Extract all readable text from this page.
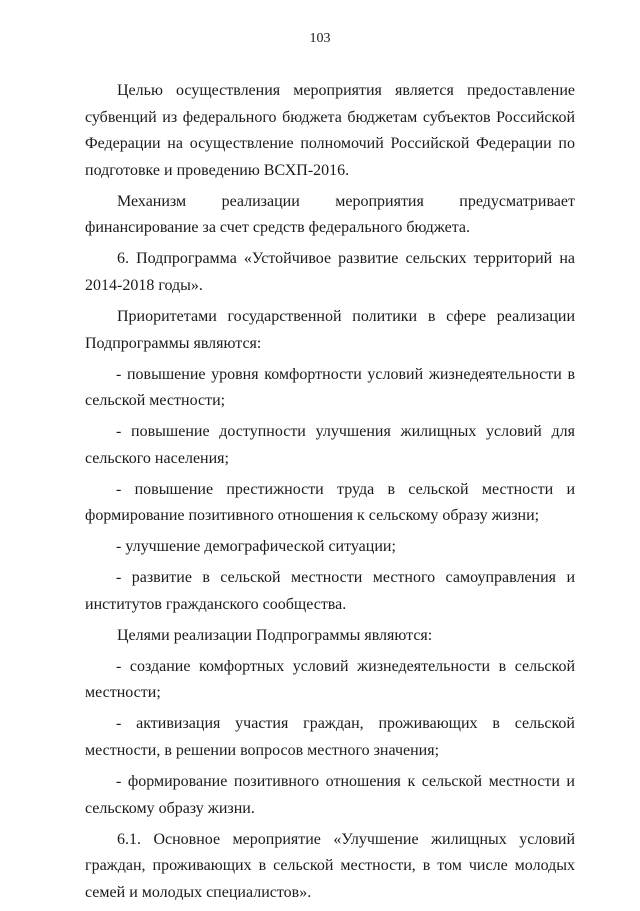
103

Целью осуществления мероприятия является предоставление субвенций из федерального бюджета бюджетам субъектов Российской Федерации на осуществление полномочий Российской Федерации по подготовке и проведению ВСХП-2016.

Механизм реализации мероприятия предусматривает финансирование за счет средств федерального бюджета.

6. Подпрограмма «Устойчивое развитие сельских территорий на 2014-2018 годы».

Приоритетами государственной политики в сфере реализации Подпрограммы являются:

- повышение уровня комфортности условий жизнедеятельности в сельской местности;

- повышение доступности улучшения жилищных условий для сельского населения;

- повышение престижности труда в сельской местности и формирование позитивного отношения к сельскому образу жизни;

- улучшение демографической ситуации;

- развитие в сельской местности местного самоуправления и институтов гражданского сообщества.

Целями реализации Подпрограммы являются:

- создание комфортных условий жизнедеятельности в сельской местности;

- активизация участия граждан, проживающих в сельской местности, в решении вопросов местного значения;

- формирование позитивного отношения к сельской местности и сельскому образу жизни.

6.1. Основное мероприятие «Улучшение жилищных условий граждан, проживающих в сельской местности, в том числе молодых семей и молодых специалистов».
